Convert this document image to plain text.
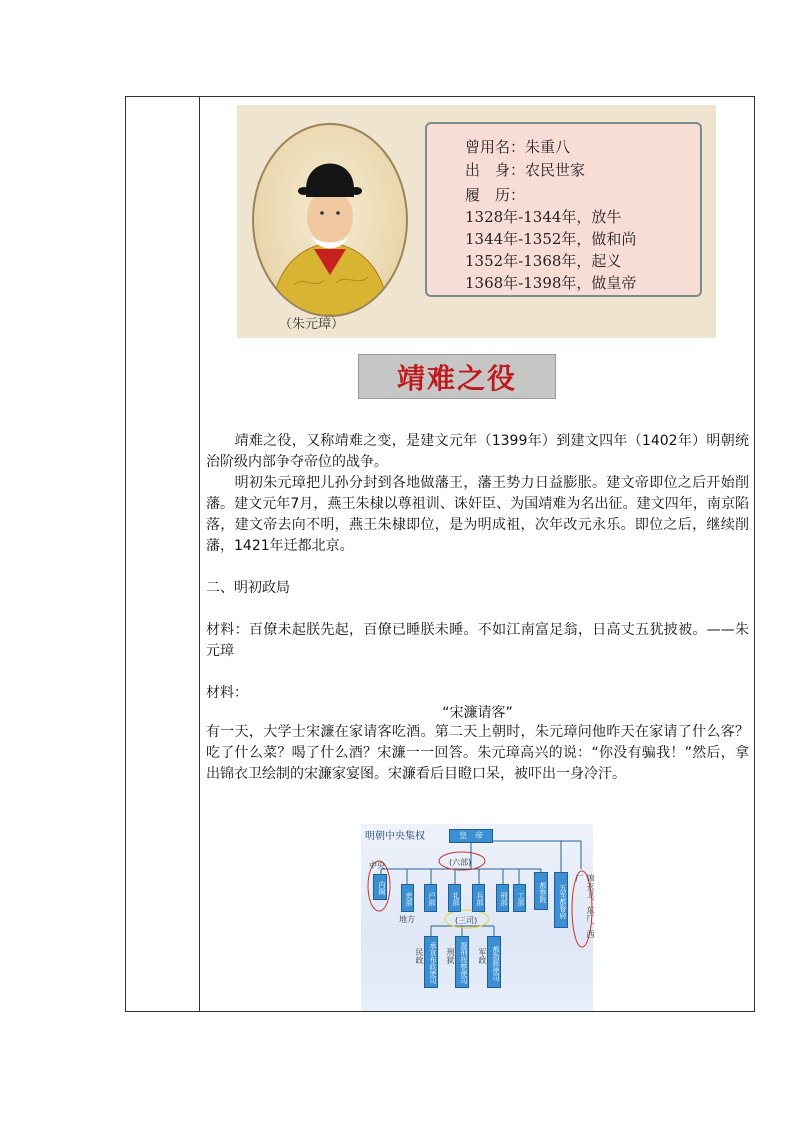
（朱元璋）
曾用名：朱重八
出　身：农民世家
履　历：
1328年-1344年，放牛
1344年-1352年，做和尚
1352年-1368年，起义
1368年-1398年，做皇帝
靖难之役
　　靖难之役，又称靖难之变，是建文元年（1399年）到建文四年（1402年）明朝统治阶级内部争夺帝位的战争。
　　明初朱元璋把儿孙分封到各地做藩王，藩王势力日益膨胀。建文帝即位之后开始削藩。建文元年7月，燕王朱棣以尊祖训、诛奸臣、为国靖难为名出征。建文四年，南京陷落，建文帝去向不明，燕王朱棣即位，是为明成祖，次年改元永乐。即位之后，继续削藩，1421年迁都北京。
二、明初政局
材料：百僚未起朕先起，百僚已睡朕未睡。不如江南富足翁，日高丈五犹披被。——朱元璋
材料：
“宋濂请客”
有一天，大学士宋濂在家请客吃酒。第二天上朝时，朱元璋问他昨天在家请了什么客？吃了什么菜？喝了什么酒？宋濂一一回答。朱元璋高兴的说：“你没有骗我！”然后，拿出锦衣卫绘制的宋濂家宴图。宋濂看后目瞪口呆，被吓出一身冷汗。
明朝中央集权	皇　帝
(六部)
中央
地方	(三司)
内阁
吏部	户部	礼部	兵部	刑部	工部	都察院	五军都督府	锦衣卫、东厂、西厂
承宣布政使司	提刑按察使司	都指挥使司
民政	刑狱	军政
